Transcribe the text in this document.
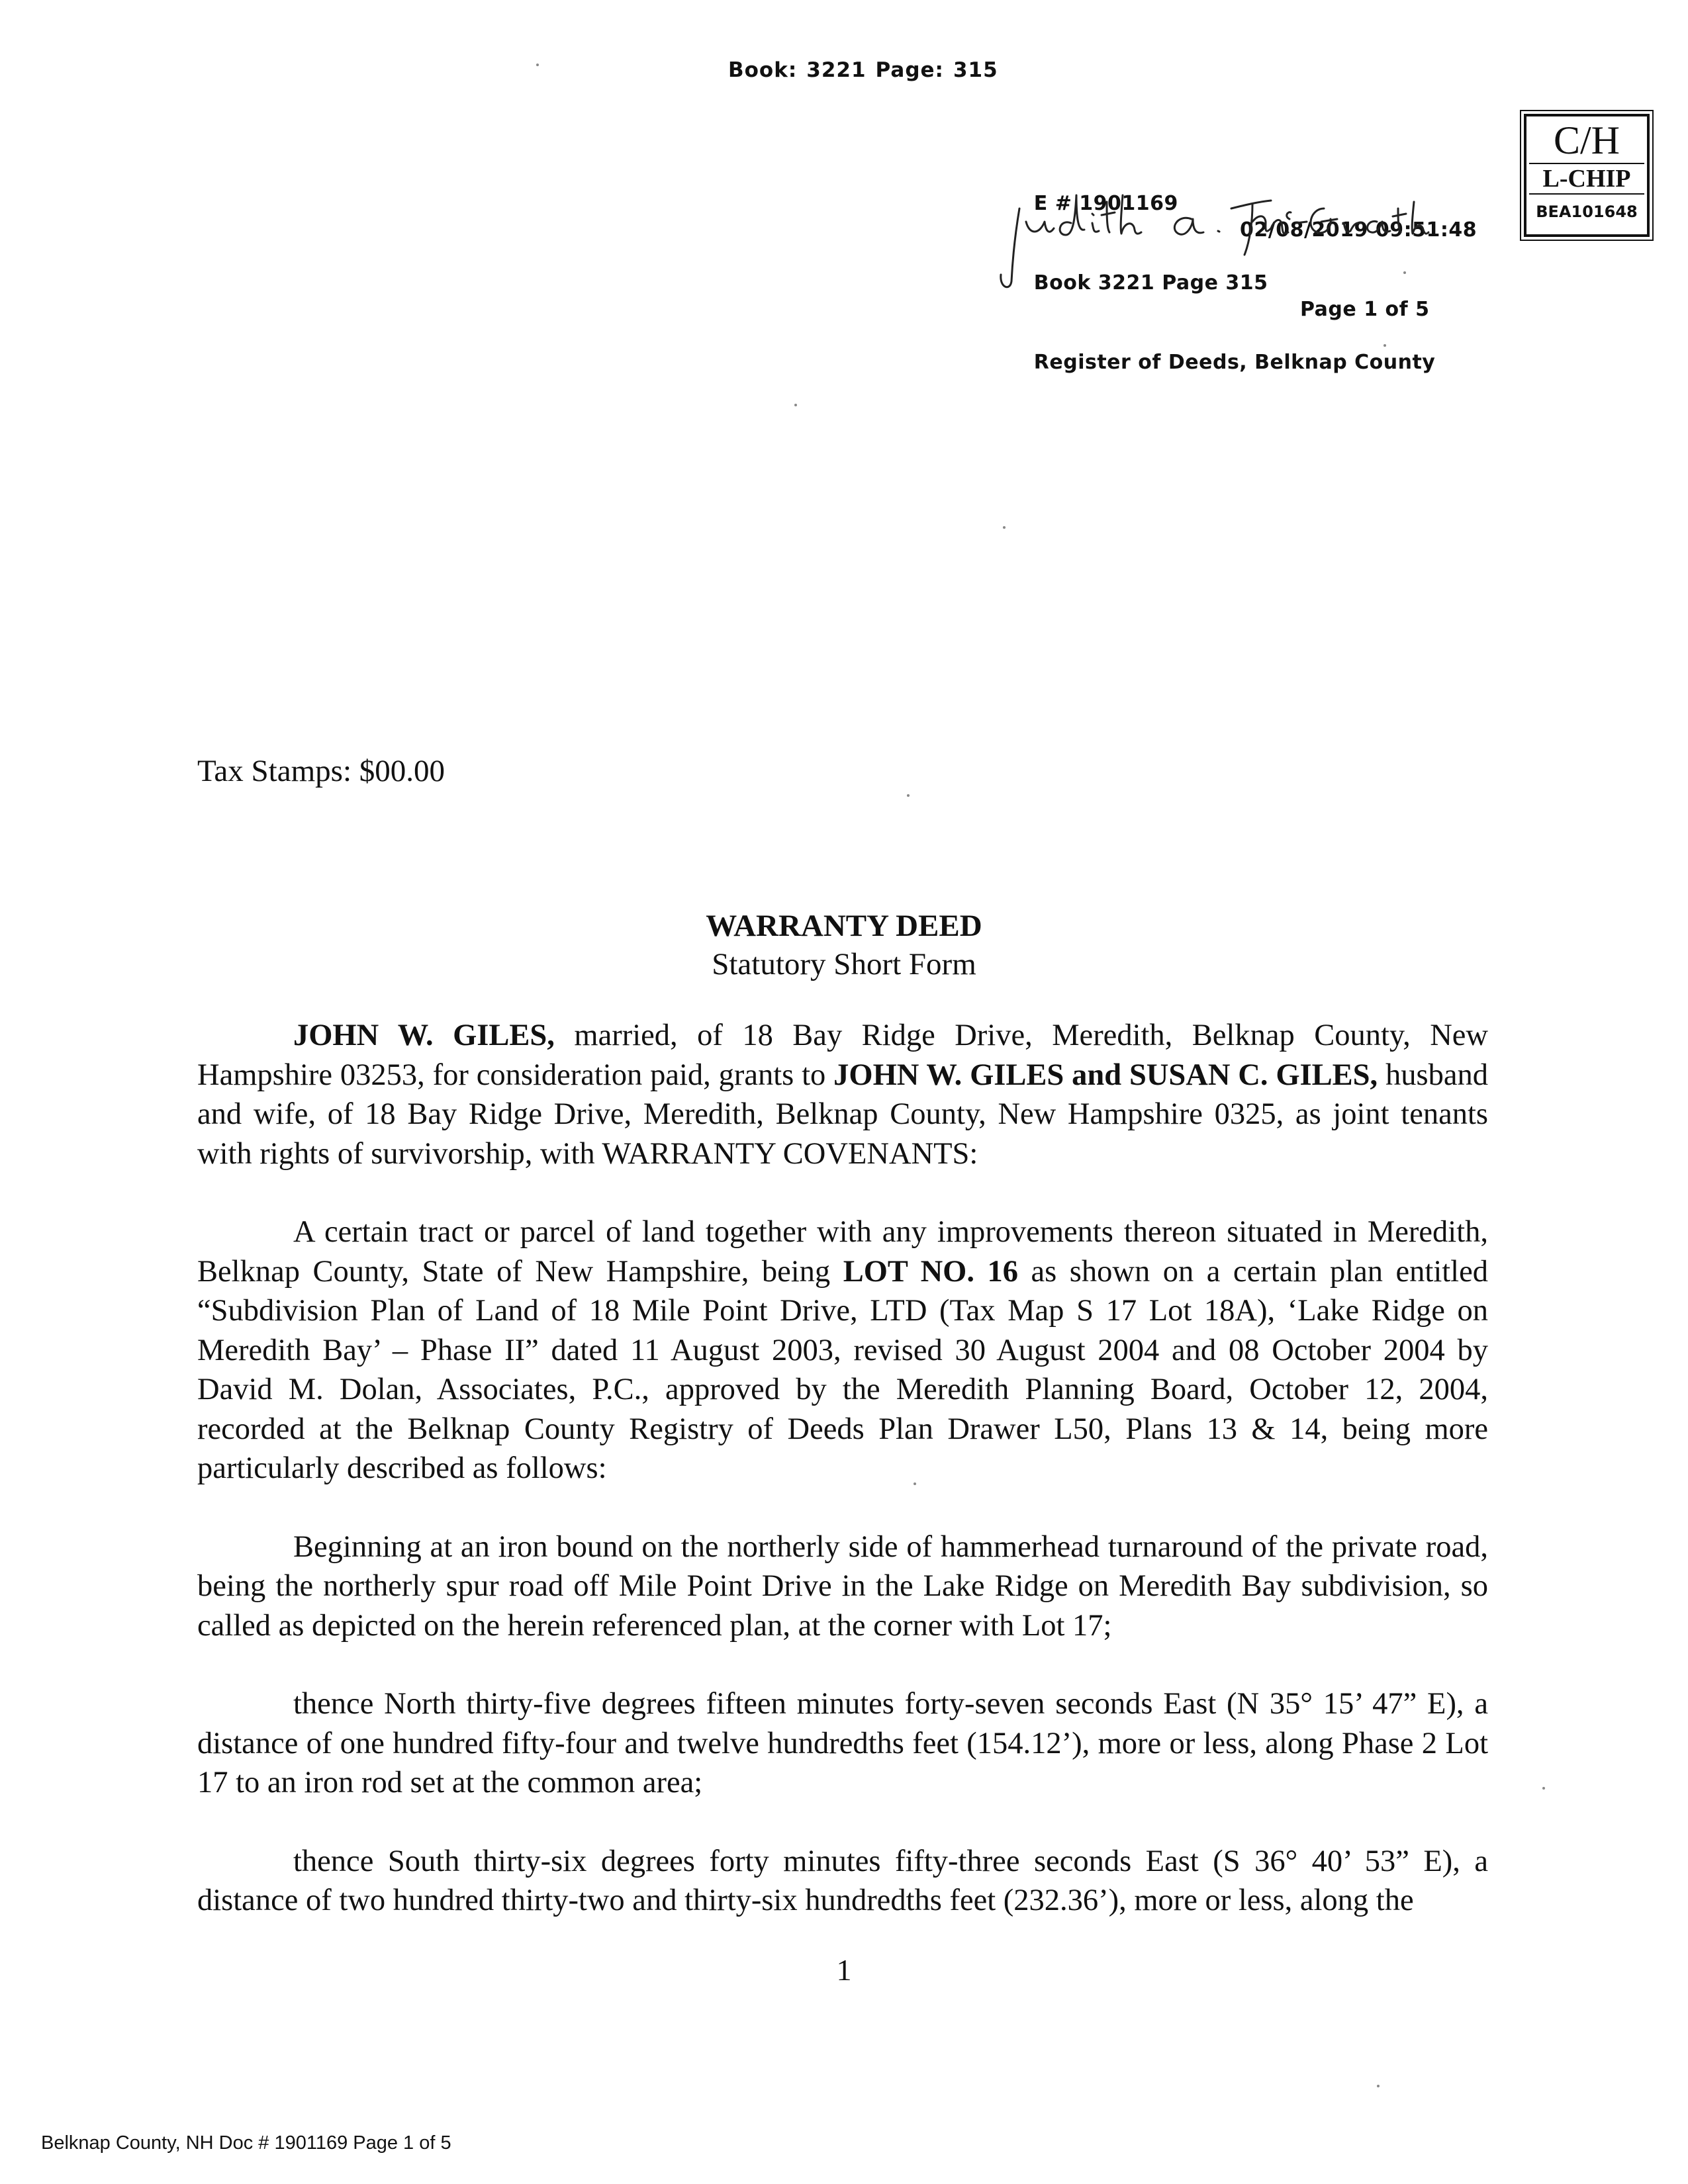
Book: 3221 Page: 315

E # 1901169

02/08/2019 09:51:48

Book 3221 Page 315

Page 1 of 5

Register of Deeds, Belknap County

C/H
L-CHIP
BEA101648
Tax Stamps: $00.00
WARRANTY DEED
Statutory Short Form

JOHN W. GILES, married, of 18 Bay Ridge Drive, Meredith, Belknap County, New Hampshire 03253, for consideration paid, grants to JOHN W. GILES and SUSAN C. GILES, husband and wife, of 18 Bay Ridge Drive, Meredith, Belknap County, New Hampshire 0325, as joint tenants with rights of survivorship, with WARRANTY COVENANTS:

A certain tract or parcel of land together with any improvements thereon situated in Meredith, Belknap County, State of New Hampshire, being LOT NO. 16 as shown on a certain plan entitled “Subdivision Plan of Land of 18 Mile Point Drive, LTD (Tax Map S 17 Lot 18A), ‘Lake Ridge on Meredith Bay’ – Phase II” dated 11 August 2003, revised 30 August 2004 and 08 October 2004 by David M. Dolan, Associates, P.C., approved by the Meredith Planning Board, October 12, 2004, recorded at the Belknap County Registry of Deeds Plan Drawer L50, Plans 13 & 14, being more particularly described as follows:

Beginning at an iron bound on the northerly side of hammerhead turnaround of the private road, being the northerly spur road off Mile Point Drive in the Lake Ridge on Meredith Bay subdivision, so called as depicted on the herein referenced plan, at the corner with Lot 17;

thence North thirty-five degrees fifteen minutes forty-seven seconds East (N 35° 15’ 47” E), a distance of one hundred fifty-four and twelve hundredths feet (154.12’), more or less, along Phase 2 Lot 17 to an iron rod set at the common area;

thence South thirty-six degrees forty minutes fifty-three seconds East (S 36° 40’ 53” E), a distance of two hundred thirty-two and thirty-six hundredths feet (232.36’), more or less, along the

1
Belknap County, NH Doc # 1901169 Page 1 of 5
